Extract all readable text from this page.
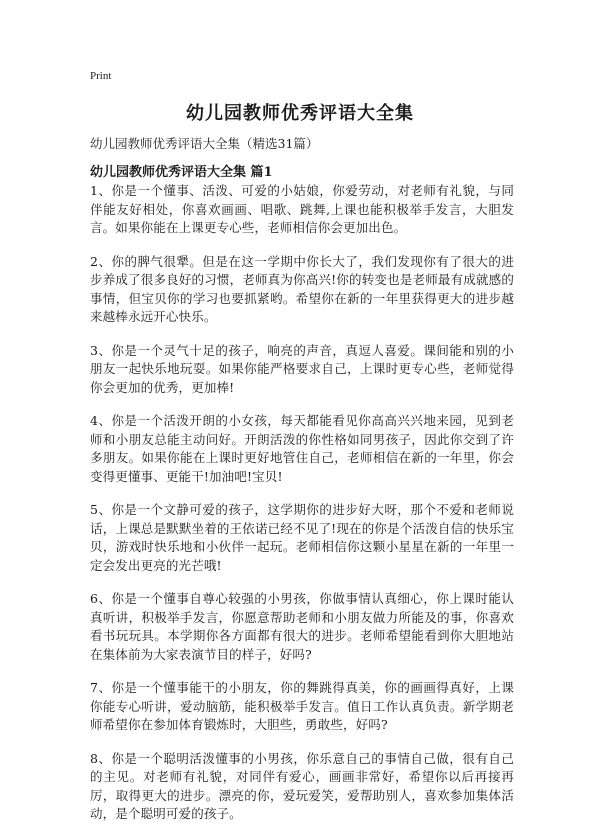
Print
幼儿园教师优秀评语大全集
幼儿园教师优秀评语大全集（精选31篇）
幼儿园教师优秀评语大全集 篇1

1、你是一个懂事、活泼、可爱的小姑娘，你爱劳动，对老师有礼貌，与同伴能友好相处，你喜欢画画、唱歌、跳舞,上课也能积极举手发言，大胆发言。如果你能在上课更专心些，老师相信你会更加出色。

2、你的脾气很犟。但是在这一学期中你长大了，我们发现你有了很大的进步养成了很多良好的习惯，老师真为你高兴!你的转变也是老师最有成就感的事情，但宝贝你的学习也要抓紧哟。希望你在新的一年里获得更大的进步越来越棒永远开心快乐。

3、你是一个灵气十足的孩子，响亮的声音，真逗人喜爱。课间能和别的小朋友一起快乐地玩耍。如果你能严格要求自己，上课时更专心些，老师觉得你会更加的优秀，更加棒!

4、你是一个活泼开朗的小女孩，每天都能看见你高高兴兴地来园，见到老师和小朋友总能主动问好。开朗活泼的你性格如同男孩子，因此你交到了许多朋友。如果你能在上课时更好地管住自己，老师相信在新的一年里，你会变得更懂事、更能干!加油吧!宝贝!

5、你是一个文静可爱的孩子，这学期你的进步好大呀，那个不爱和老师说话，上课总是默默坐着的王依诺已经不见了!现在的你是个活泼自信的快乐宝贝，游戏时快乐地和小伙伴一起玩。老师相信你这颗小星星在新的一年里一定会发出更亮的光芒哦!

6、你是一个懂事自尊心较强的小男孩，你做事情认真细心，你上课时能认真听讲，积极举手发言，你愿意帮助老师和小朋友做力所能及的事，你喜欢看书玩玩具。本学期你各方面都有很大的进步。老师希望能看到你大胆地站在集体前为大家表演节目的样子，好吗?

7、你是一个懂事能干的小朋友，你的舞跳得真美，你的画画得真好，上课你能专心听讲，爱动脑筋，能积极举手发言。值日工作认真负责。新学期老师希望你在参加体育锻炼时，大胆些，勇敢些，好吗?

8、你是一个聪明活泼懂事的小男孩，你乐意自己的事情自己做，很有自己的主见。对老师有礼貌，对同伴有爱心，画画非常好，希望你以后再接再厉，取得更大的进步。漂亮的你，爱玩爱笑，爱帮助别人，喜欢参加集体活动，是个聪明可爱的孩子。
